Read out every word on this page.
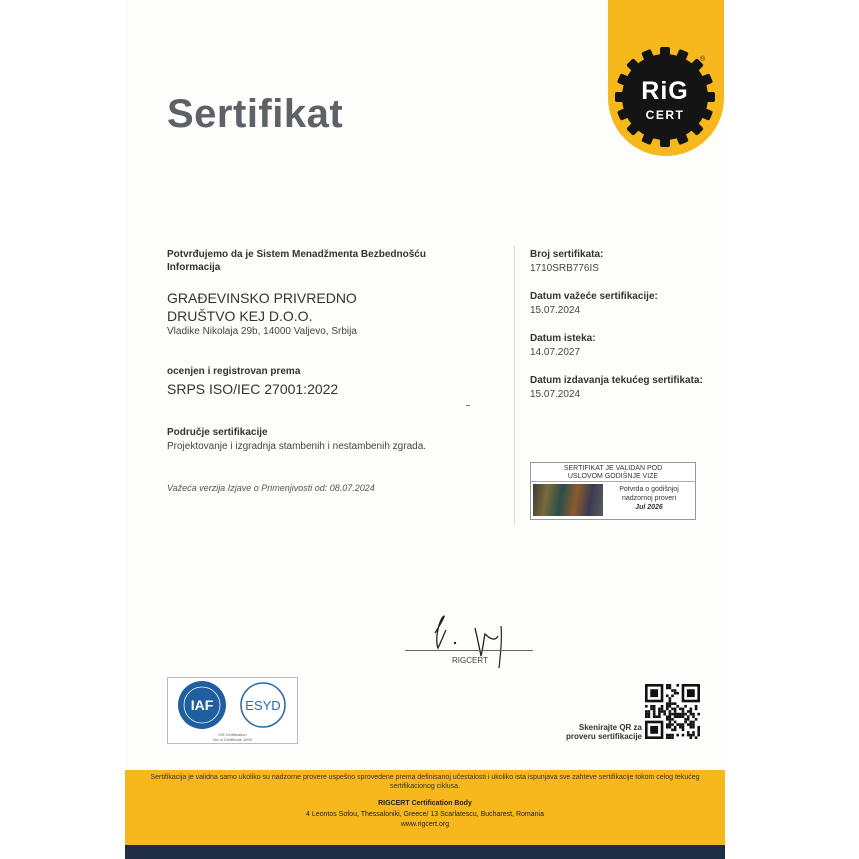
Sertifikat
RiG
CERT
®
Potvrđujemo da je Sistem Menadžmenta Bezbednošću
Informacija
GRAĐEVINSKO PRIVREDNO
DRUŠTVO KEJ D.O.O.
Vladike Nikolaja 29b, 14000 Valjevo, Srbija
ocenjen i registrovan prema
SRPS ISO/IEC 27001:2022
Područje sertifikacije
Projektovanje i izgradnja stambenih i nestambenih zgrada.
Važeća verzija Izjave o Primenjivosti od: 08.07.2024
Broj sertifikata:
1710SRB776IS
Datum važeće sertifikacije:
15.07.2024
Datum isteka:
14.07.2027
Datum izdavanja tekućeg sertifikata:
15.07.2024
SERTIFIKAT JE VALIDAN POD
USLOVOM GODIŠNJE VIZE
Potvrda o godišnjoj
nadzornoj proveri
Jul 2026
RIGCERT
IAF ESYD
MS Certification
No of Certificate 1099
Skenirajte QR za
proveru sertifikacije
Sertifikacija je validna samo ukoliko su nadzorne provere uspešno sprovedene prema definisanoj učestalosti i ukoliko ista ispunjava sve zahteve sertifikacije tokom celog tekućeg sertifikacionog ciklusa.
RIGCERT Certification Body
4 Leontos Sofou, Thessaloniki, Greece/ 13 Scarlatescu, Bucharest, Romania
www.rigcert.org
